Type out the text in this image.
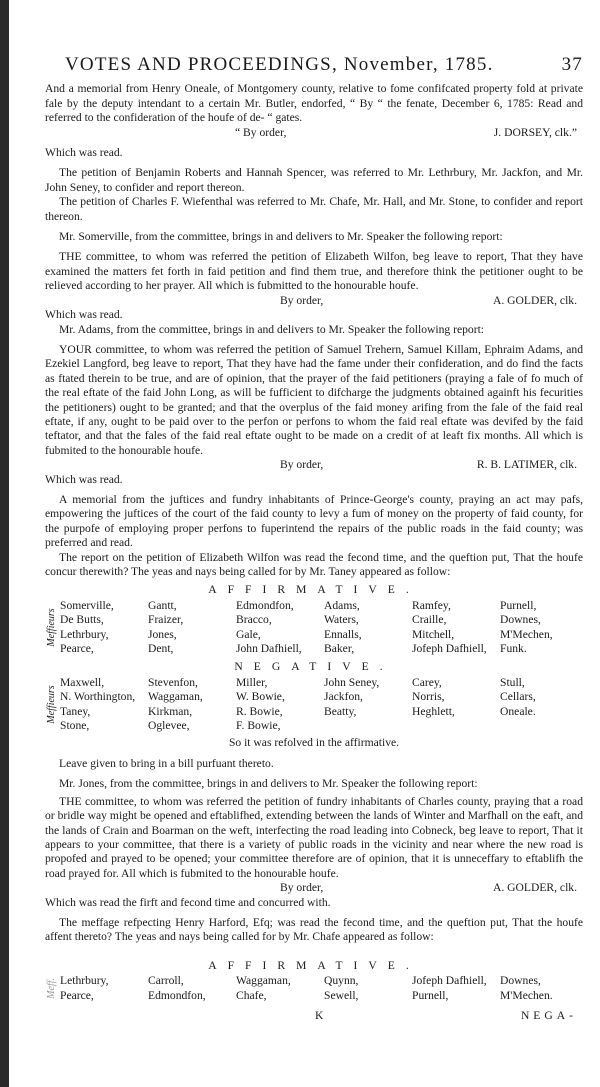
VOTES AND PROCEEDINGS, November, 1785.	37

And a memorial from Henry Oneale, of Montgomery county, relative to fome confifcated property fold at private fale by the deputy intendant to a certain Mr. Butler, endorfed, “ By “ the fenate, December 6, 1785: Read and referred to the confideration of the houfe of de- “ gates.

“ By order,	J. DORSEY, clk.”

Which was read.

The petition of Benjamin Roberts and Hannah Spencer, was referred to Mr. Lethrbury, Mr. Jackfon, and Mr. John Seney, to confider and report thereon.

The petition of Charles F. Wiefenthal was referred to Mr. Chafe, Mr. Hall, and Mr. Stone, to confider and report thereon.

Mr. Somerville, from the committee, brings in and delivers to Mr. Speaker the following report:

THE committee, to whom was referred the petition of Elizabeth Wilfon, beg leave to report, That they have examined the matters fet forth in faid petition and find them true, and therefore think the petitioner ought to be relieved according to her prayer. All which is fubmitted to the honourable houfe.

By order,	A. GOLDER, clk.

Which was read.

Mr. Adams, from the committee, brings in and delivers to Mr. Speaker the following report:

YOUR committee, to whom was referred the petition of Samuel Trehern, Samuel Killam, Ephraim Adams, and Ezekiel Langford, beg leave to report, That they have had the fame under their confideration, and do find the facts as ftated therein to be true, and are of opinion, that the prayer of the faid petitioners (praying a fale of fo much of the real eftate of the faid John Long, as will be fufficient to difcharge the judgments obtained againft his fecurities the petitioners) ought to be granted; and that the overplus of the faid money arifing from the fale of the faid real eftate, if any, ought to be paid over to the perfon or perfons to whom the faid real eftate was devifed by the faid teftator, and that the fales of the faid real eftate ought to be made on a credit of at leaft fix months. All which is fubmited to the honourable houfe.

By order,	R. B. LATIMER, clk.

Which was read.

A memorial from the juftices and fundry inhabitants of Prince-George's county, praying an act may pafs, empowering the juftices of the court of the faid county to levy a fum of money on the property of faid county, for the purpofe of employing proper perfons to fuperintend the repairs of the public roads in the faid county; was preferred and read.

The report on the petition of Elizabeth Wilfon was read the fecond time, and the queftion put, That the houfe concur therewith? The yeas and nays being called for by Mr. Taney appeared as follow:

AFFIRMATIVE.
Meffieurs
Somerville,	Gantt,	Edmondfon,	Adams,	Ramfey,	Purnell,
De Butts,	Fraizer,	Bracco,	Waters,	Craille,	Downes,
Lethrbury,	Jones,	Gale,	Ennalls,	Mitchell,	M'Mechen,
Pearce,	Dent,	John Dafhiell,	Baker,	Jofeph Dafhiell,	Funk.
NEGATIVE.
Meffieurs
Maxwell,	Stevenfon,	Miller,	John Seney,	Carey,	Stull,
N. Worthington,	Waggaman,	W. Bowie,	Jackfon,	Norris,	Cellars,
Taney,	Kirkman,	R. Bowie,	Beatty,	Heghlett,	Oneale.
Stone,	Oglevee,	F. Bowie,

So it was refolved in the affirmative.

Leave given to bring in a bill purfuant thereto.

Mr. Jones, from the committee, brings in and delivers to Mr. Speaker the following report:

THE committee, to whom was referred the petition of fundry inhabitants of Charles county, praying that a road or bridle way might be opened and eftablifhed, extending between the lands of Winter and Marfhall on the eaft, and the lands of Crain and Boarman on the weft, interfecting the road leading into Cobneck, beg leave to report, That it appears to your committee, that there is a variety of public roads in the vicinity and near where the new road is propofed and prayed to be opened; your committee therefore are of opinion, that it is unneceffary to eftablifh the road prayed for. All which is fubmited to the honourable houfe.

By order,	A. GOLDER, clk.

Which was read the firft and fecond time and concurred with.

The meffage refpecting Henry Harford, Efq; was read the fecond time, and the queftion put, That the houfe affent thereto? The yeas and nays being called for by Mr. Chafe appeared as follow:

AFFIRMATIVE.
Meff. Lethrbury,	Carroll,	Waggaman,	Quynn,	Jofeph Dafhiell,	Downes,
Pearce,	Edmondfon,	Chafe,	Sewell,	Purnell,	M'Mechen.
K	NEGA-
